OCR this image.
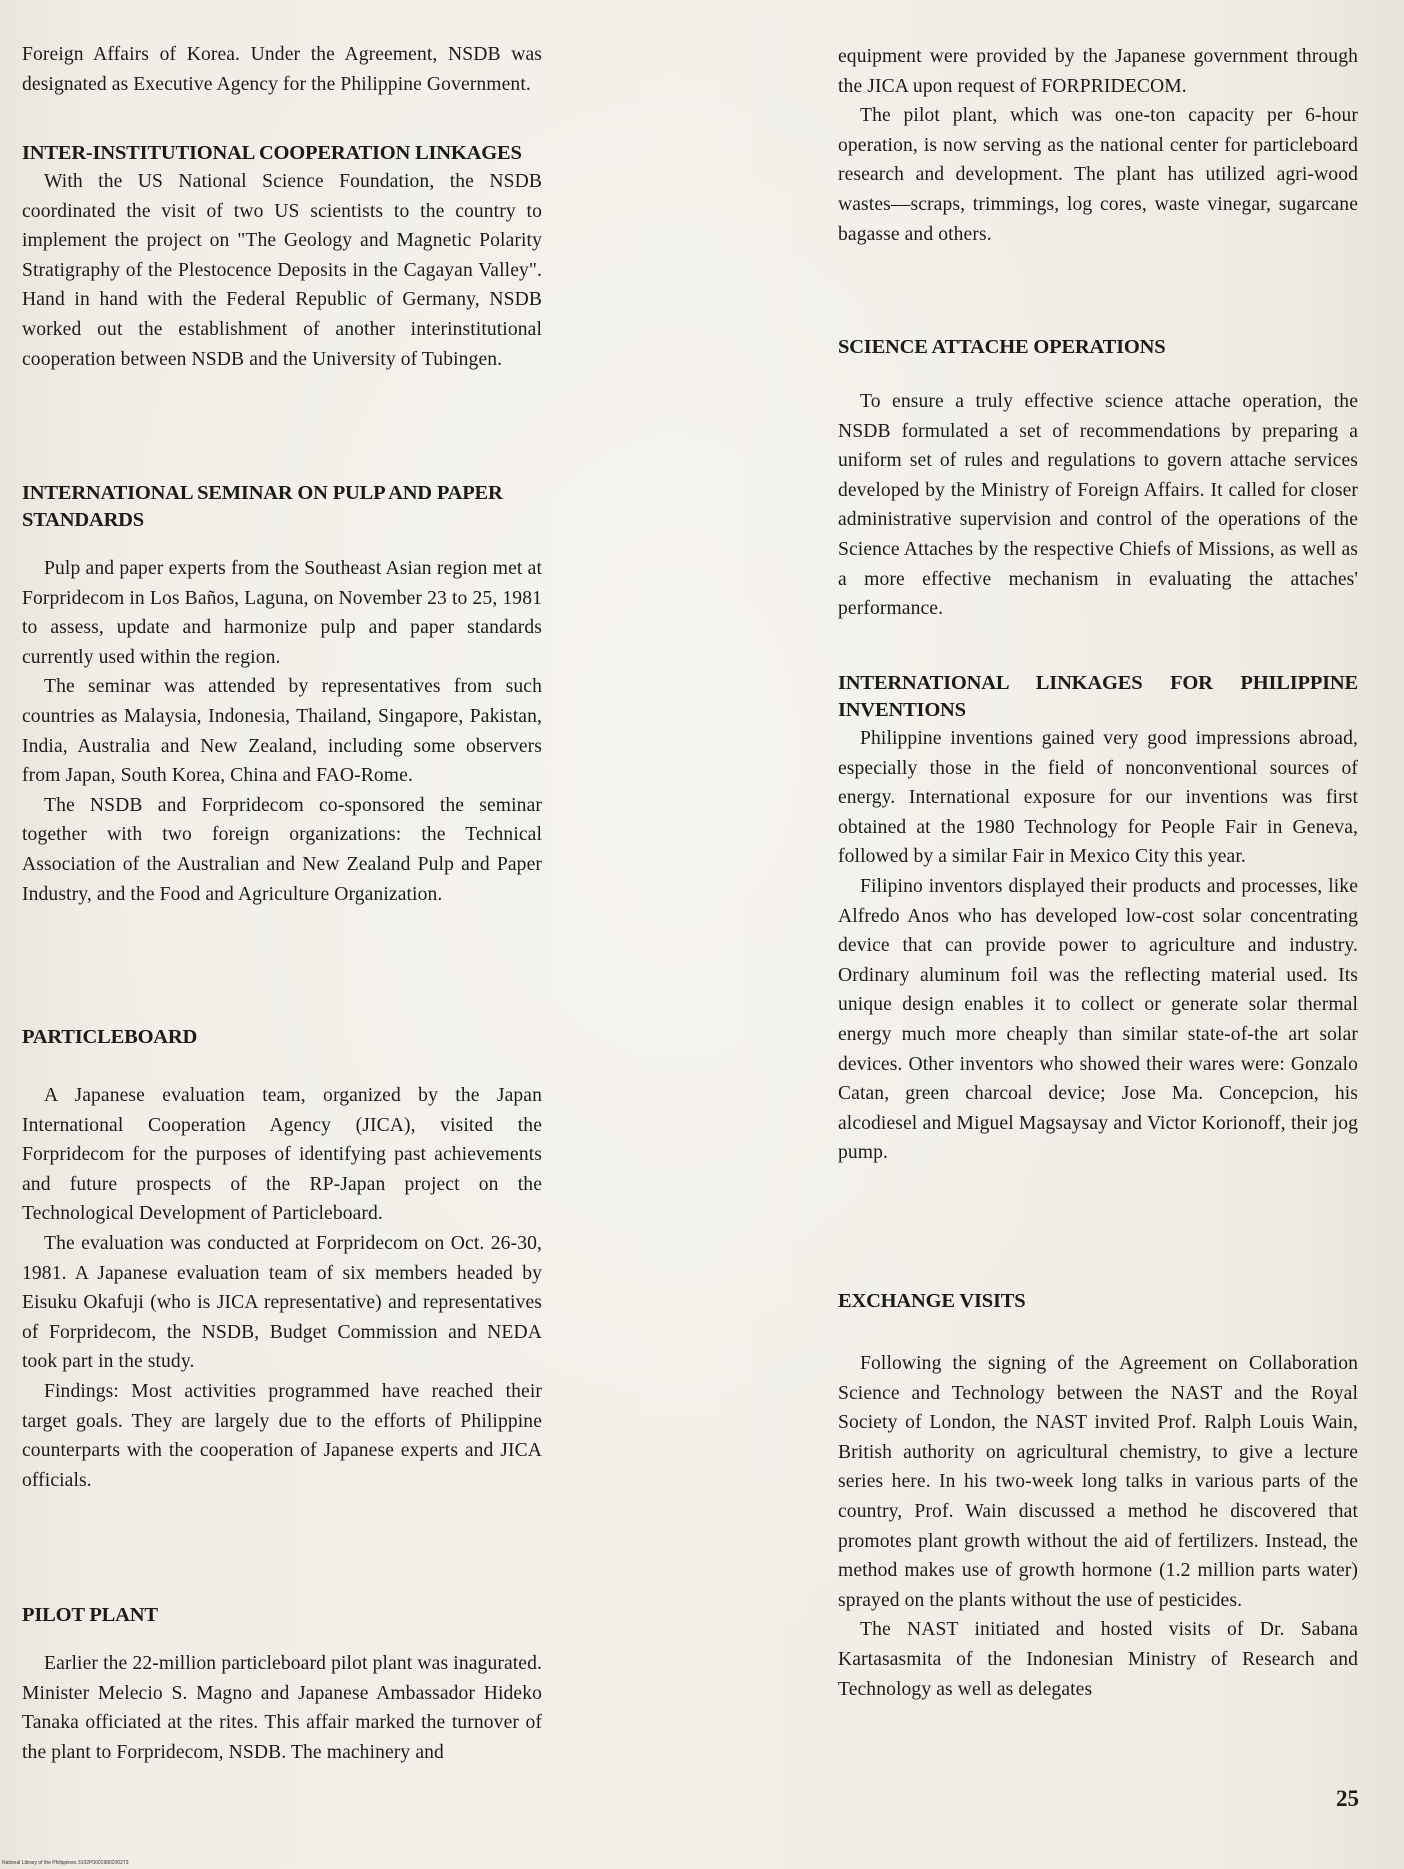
Foreign Affairs of Korea. Under the Agreement, NSDB was designated as Executive Agency for the Philippine Government.

INTER-INSTITUTIONAL COOPERATION LINKAGES

With the US National Science Foundation, the NSDB coordinated the visit of two US scientists to the country to implement the project on "The Geology and Magnetic Polarity Stratigraphy of the Plestocence Deposits in the Cagayan Valley". Hand in hand with the Federal Republic of Germany, NSDB worked out the establishment of another interinstitutional cooperation between NSDB and the University of Tubingen.

INTERNATIONAL SEMINAR ON PULP AND PAPER STANDARDS

Pulp and paper experts from the Southeast Asian region met at Forpridecom in Los Baños, Laguna, on November 23 to 25, 1981 to assess, update and harmonize pulp and paper standards currently used within the region.

The seminar was attended by representatives from such countries as Malaysia, Indonesia, Thailand, Singapore, Pakistan, India, Australia and New Zealand, including some observers from Japan, South Korea, China and FAO-Rome.

The NSDB and Forpridecom co-sponsored the seminar together with two foreign organizations: the Technical Association of the Australian and New Zealand Pulp and Paper Industry, and the Food and Agriculture Organization.

PARTICLEBOARD

A Japanese evaluation team, organized by the Japan International Cooperation Agency (JICA), visited the Forpridecom for the purposes of identifying past achievements and future prospects of the RP-Japan project on the Technological Development of Particleboard.

The evaluation was conducted at Forpridecom on Oct. 26-30, 1981. A Japanese evaluation team of six members headed by Eisuku Okafuji (who is JICA representative) and representatives of Forpridecom, the NSDB, Budget Commission and NEDA took part in the study.

Findings: Most activities programmed have reached their target goals. They are largely due to the efforts of Philippine counterparts with the cooperation of Japanese experts and JICA officials.

PILOT PLANT

Earlier the 22-million particleboard pilot plant was inagurated. Minister Melecio S. Magno and Japanese Ambassador Hideko Tanaka officiated at the rites. This affair marked the turnover of the plant to Forpridecom, NSDB. The machinery and

equipment were provided by the Japanese government through the JICA upon request of FORPRIDECOM.

The pilot plant, which was one-ton capacity per 6-hour operation, is now serving as the national center for particleboard research and development. The plant has utilized agri-wood wastes—scraps, trimmings, log cores, waste vinegar, sugarcane bagasse and others.

SCIENCE ATTACHE OPERATIONS

To ensure a truly effective science attache operation, the NSDB formulated a set of recommendations by preparing a uniform set of rules and regulations to govern attache services developed by the Ministry of Foreign Affairs. It called for closer administrative supervision and control of the operations of the Science Attaches by the respective Chiefs of Missions, as well as a more effective mechanism in evaluating the attaches' performance.

INTERNATIONAL LINKAGES FOR PHILIPPINE INVENTIONS

Philippine inventions gained very good impressions abroad, especially those in the field of nonconventional sources of energy. International exposure for our inventions was first obtained at the 1980 Technology for People Fair in Geneva, followed by a similar Fair in Mexico City this year.

Filipino inventors displayed their products and processes, like Alfredo Anos who has developed low-cost solar concentrating device that can provide power to agriculture and industry. Ordinary aluminum foil was the reflecting material used. Its unique design enables it to collect or generate solar thermal energy much more cheaply than similar state-of-the art solar devices. Other inventors who showed their wares were: Gonzalo Catan, green charcoal device; Jose Ma. Concepcion, his alcodiesel and Miguel Magsaysay and Victor Korionoff, their jog pump.

EXCHANGE VISITS

Following the signing of the Agreement on Collaboration Science and Technology between the NAST and the Royal Society of London, the NAST invited Prof. Ralph Louis Wain, British authority on agricultural chemistry, to give a lecture series here. In his two-week long talks in various parts of the country, Prof. Wain discussed a method he discovered that promotes plant growth without the aid of fertilizers. Instead, the method makes use of growth hormone (1.2 million parts water) sprayed on the plants without the use of pesticides.

The NAST initiated and hosted visits of Dr. Sabana Kartasasmita of the Indonesian Ministry of Research and Technology as well as delegates

25
National Library of the Philippines 3102P0001980200273
